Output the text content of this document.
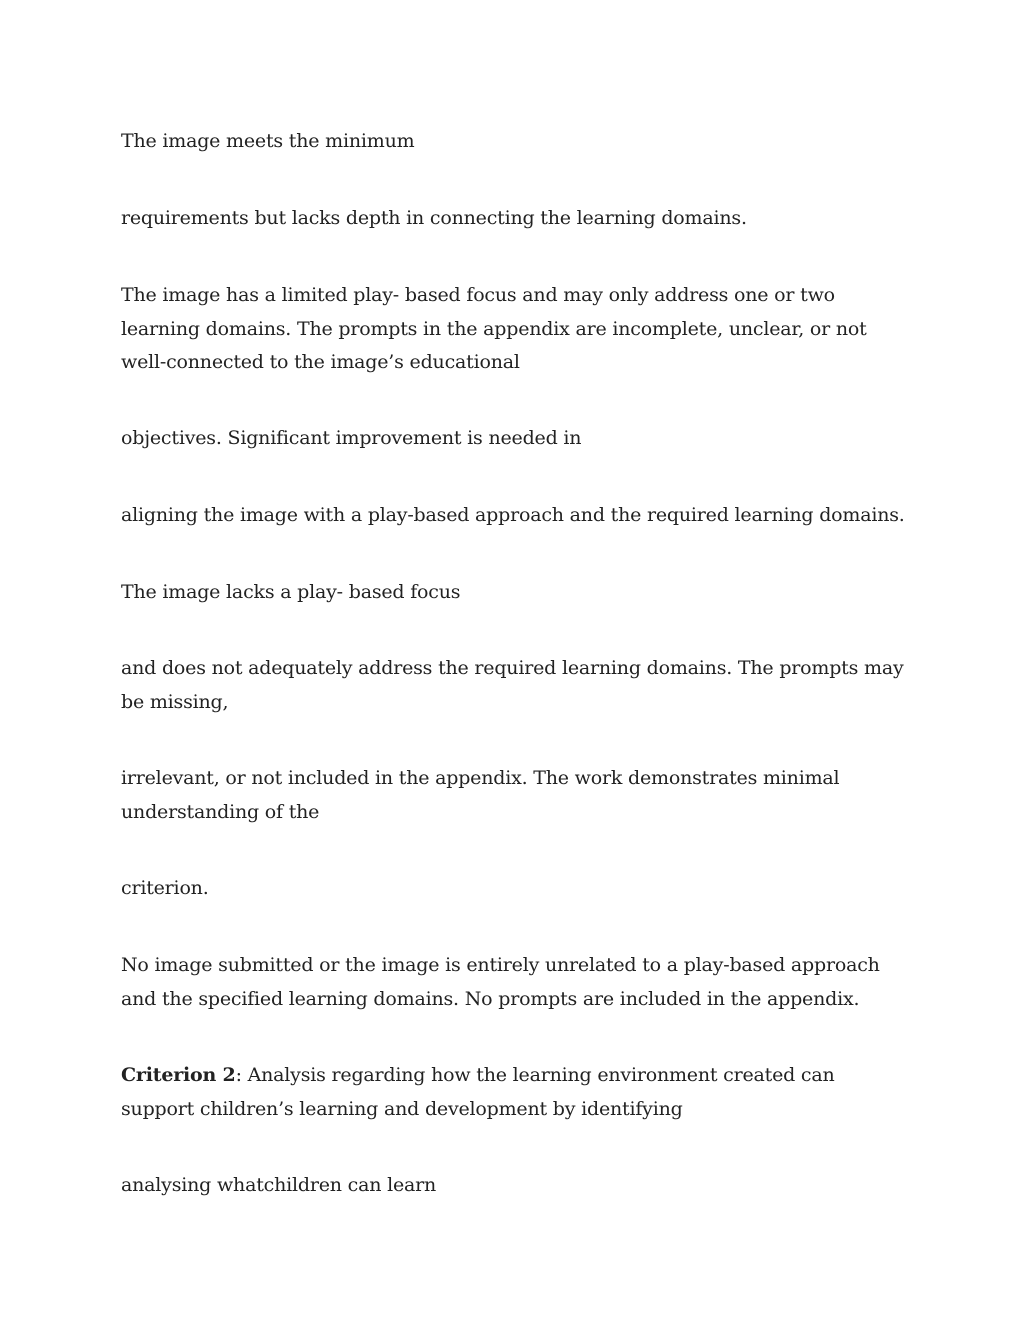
The image meets the minimum

requirements but lacks depth in connecting the learning domains.

The image has a limited play- based focus and may only address one or two learning domains. The prompts in the appendix are incomplete, unclear, or not well-connected to the image’s educational

objectives. Significant improvement is needed in

aligning the image with a play-based approach and the required learning domains.

The image lacks a play- based focus

and does not adequately address the required learning domains. The prompts may be missing,

irrelevant, or not included in the appendix. The work demonstrates minimal understanding of the

criterion.

No image submitted or the image is entirely unrelated to a play-based approach and the specified learning domains. No prompts are included in the appendix.

Criterion 2: Analysis regarding how the learning environment created can support children’s learning and development by identifying

analysing whatchildren can learn
